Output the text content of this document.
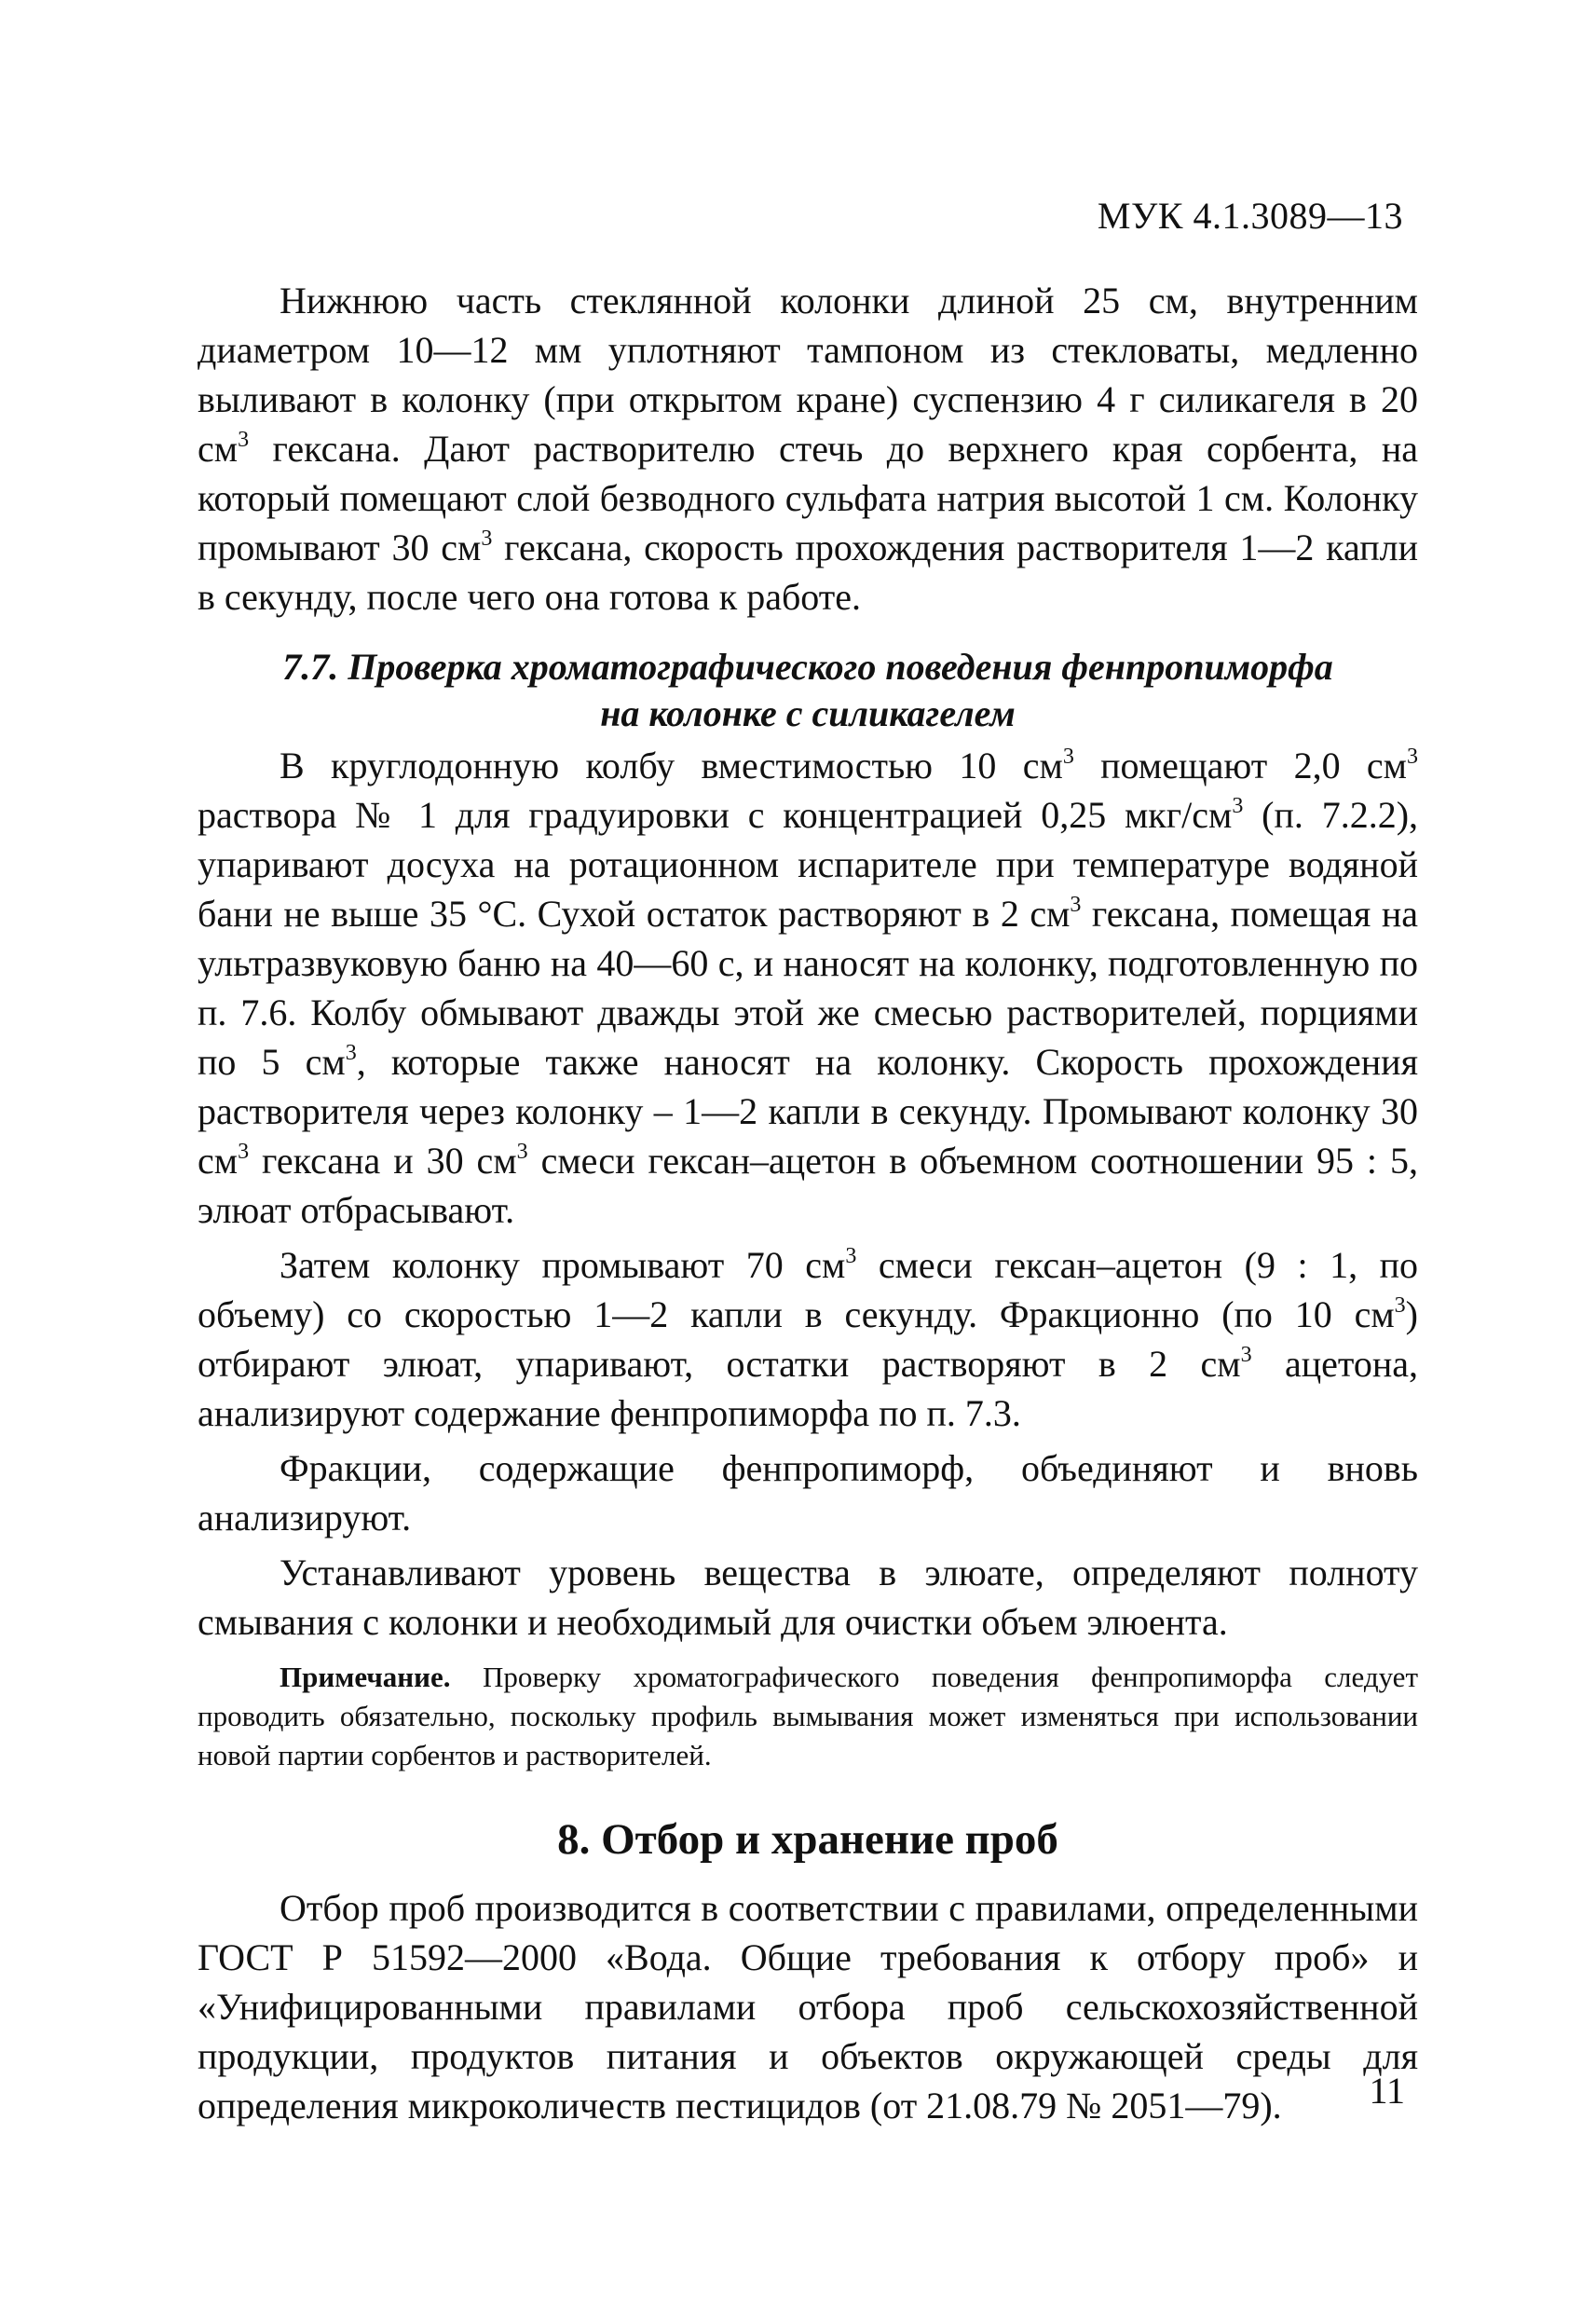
МУК 4.1.3089—13

Нижнюю часть стеклянной колонки длиной 25 см, внутренним диаметром 10—12 мм уплотняют тампоном из стекловаты, медленно выливают в колонку (при открытом кране) суспензию 4 г силикагеля в 20 $см^3$ гексана. Дают растворителю стечь до верхнего края сорбента, на который помещают слой безводного сульфата натрия высотой 1 см. Колонку промывают 30 $см^3$ гексана, скорость прохождения растворителя 1—2 капли в секунду, после чего она готова к работе.

7.7. Проверка хроматографического поведения фенпропиморфа
на колонке с силикагелем

В круглодонную колбу вместимостью 10 $см^3$ помещают 2,0 $см^3$ раствора № 1 для градуировки с концентрацией 0,25 мкг/$см^3$ (п. 7.2.2), упаривают досуха на ротационном испарителе при температуре водяной бани не выше 35 °С. Сухой остаток растворяют в 2 $см^3$ гексана, помещая на ультразвуковую баню на 40—60 с, и наносят на колонку, подготовленную по п. 7.6. Колбу обмывают дважды этой же смесью растворителей, порциями по 5 $см^3$, которые также наносят на колонку. Скорость прохождения растворителя через колонку – 1—2 капли в секунду. Промывают колонку 30 $см^3$ гексана и 30 $см^3$ смеси гексан–ацетон в объемном соотношении 95 : 5, элюат отбрасывают.

Затем колонку промывают 70 $см^3$ смеси гексан–ацетон (9 : 1, по объему) со скоростью 1—2 капли в секунду. Фракционно (по 10 $см^3$) отбирают элюат, упаривают, остатки растворяют в 2 $см^3$ ацетона, анализируют содержание фенпропиморфа по п. 7.3.

Фракции, содержащие фенпропиморф, объединяют и вновь анализируют.

Устанавливают уровень вещества в элюате, определяют полноту смывания с колонки и необходимый для очистки объем элюента.

Примечание. Проверку хроматографического поведения фенпропиморфа следует проводить обязательно, поскольку профиль вымывания может изменяться при использовании новой партии сорбентов и растворителей.
8. Отбор и хранение проб

Отбор проб производится в соответствии с правилами, определенными ГОСТ Р 51592—2000 «Вода. Общие требования к отбору проб» и «Унифицированными правилами отбора проб сельскохозяйственной продукции, продуктов питания и объектов окружающей среды для определения микроколичеств пестицидов (от 21.08.79 № 2051—79).	11
